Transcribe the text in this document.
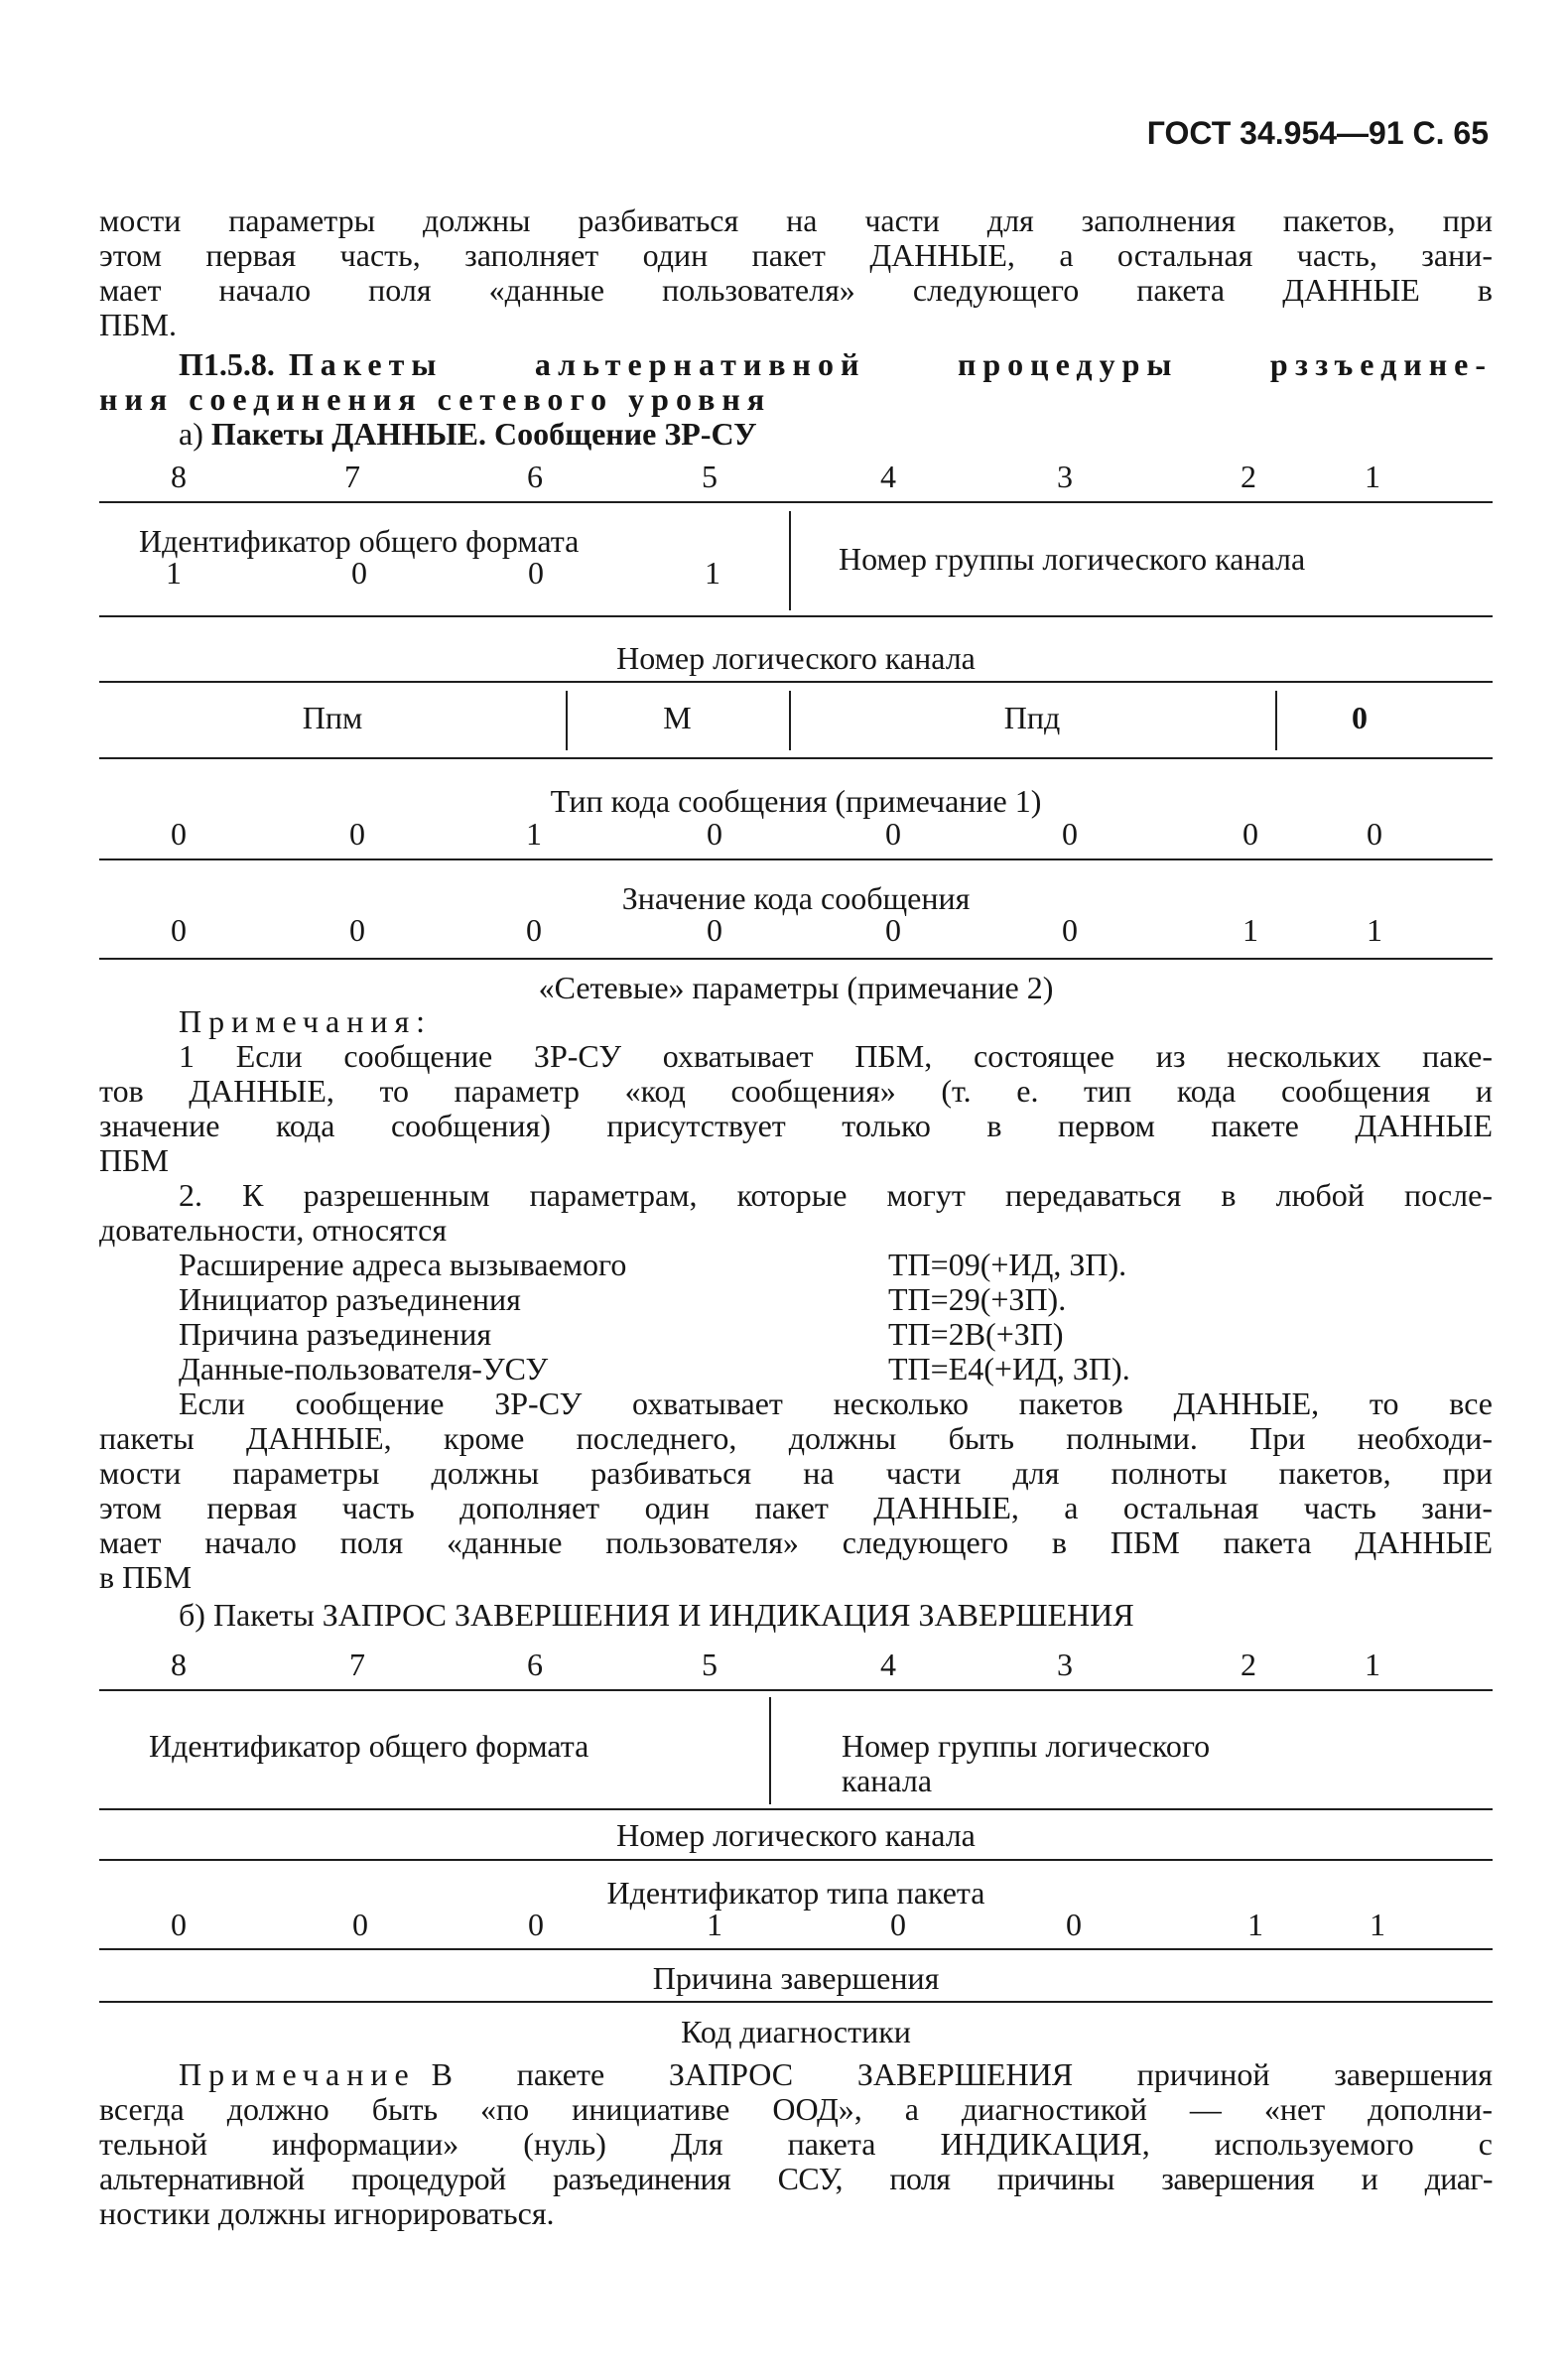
ГОСТ 34.954—91 С. 65
мости параметры должны разбиваться на части для заполнения пакетов, при
этом первая часть, заполняет один пакет ДАННЫЕ, а остальная часть, зани-
мает начало поля «данные пользователя» следующего пакета ДАННЫЕ в
ПБМ.
П1.5.8. Пакеты альтернативной процедуры рззъедине-
ния соединения сетевого уровня
а) Пакеты ДАННЫЕ. Сообщение ЗР-СУ
8	7	6	5	4	3	2	1
Идентификатор общего формата
1	0	0	1	Номер группы логического канала
Номер логического канала
Ппм	М	Ппд	0
Тип кода сообщения (примечание 1)
0	0	1	0	0	0	0	0
Значение кода сообщения
0	0	0	0	0	0	1	1
«Сетевые» параметры (примечание 2)
Примечания:
1 Если сообщение ЗР-СУ охватывает ПБМ, состоящее из нескольких паке-
тов ДАННЫЕ, то параметр «код сообщения» (т. е. тип кода сообщения и
значение кода сообщения) присутствует только в первом пакете ДАННЫЕ
ПБМ
2. К разрешенным параметрам, которые могут передаваться в любой после-
довательности, относятся
Расширение адреса вызываемого	ТП=09(+ИД, ЗП).
Инициатор разъединения	ТП=29(+ЗП).
Причина разъединения	ТП=2В(+ЗП)
Данные-пользователя-УСУ	ТП=Е4(+ИД, ЗП).
Если сообщение ЗР-СУ охватывает несколько пакетов ДАННЫЕ, то все
пакеты ДАННЫЕ, кроме последнего, должны быть полными. При необходи-
мости параметры должны разбиваться на части для полноты пакетов, при
этом первая часть дополняет один пакет ДАННЫЕ, а остальная часть зани-
мает начало поля «данные пользователя» следующего в ПБМ пакета ДАННЫЕ
в ПБМ
б) Пакеты ЗАПРОС ЗАВЕРШЕНИЯ И ИНДИКАЦИЯ ЗАВЕРШЕНИЯ
8	7	6	5	4	3	2	1
Идентификатор общего формата	Номер группы логического
канала
Номер логического канала
Идентификатор типа пакета
0	0	0	1	0	0	1	1
Причина завершения
Код диагностики
Примечание В пакете ЗАПРОС ЗАВЕРШЕНИЯ причиной завершения
всегда должно быть «по инициативе ООД», а диагностикой — «нет дополни-
тельной информации» (нуль) Для пакета ИНДИКАЦИЯ, используемого с
альтернативной процедурой разъединения ССУ, поля причины завершения и диаг-
ностики должны игнорироваться.
